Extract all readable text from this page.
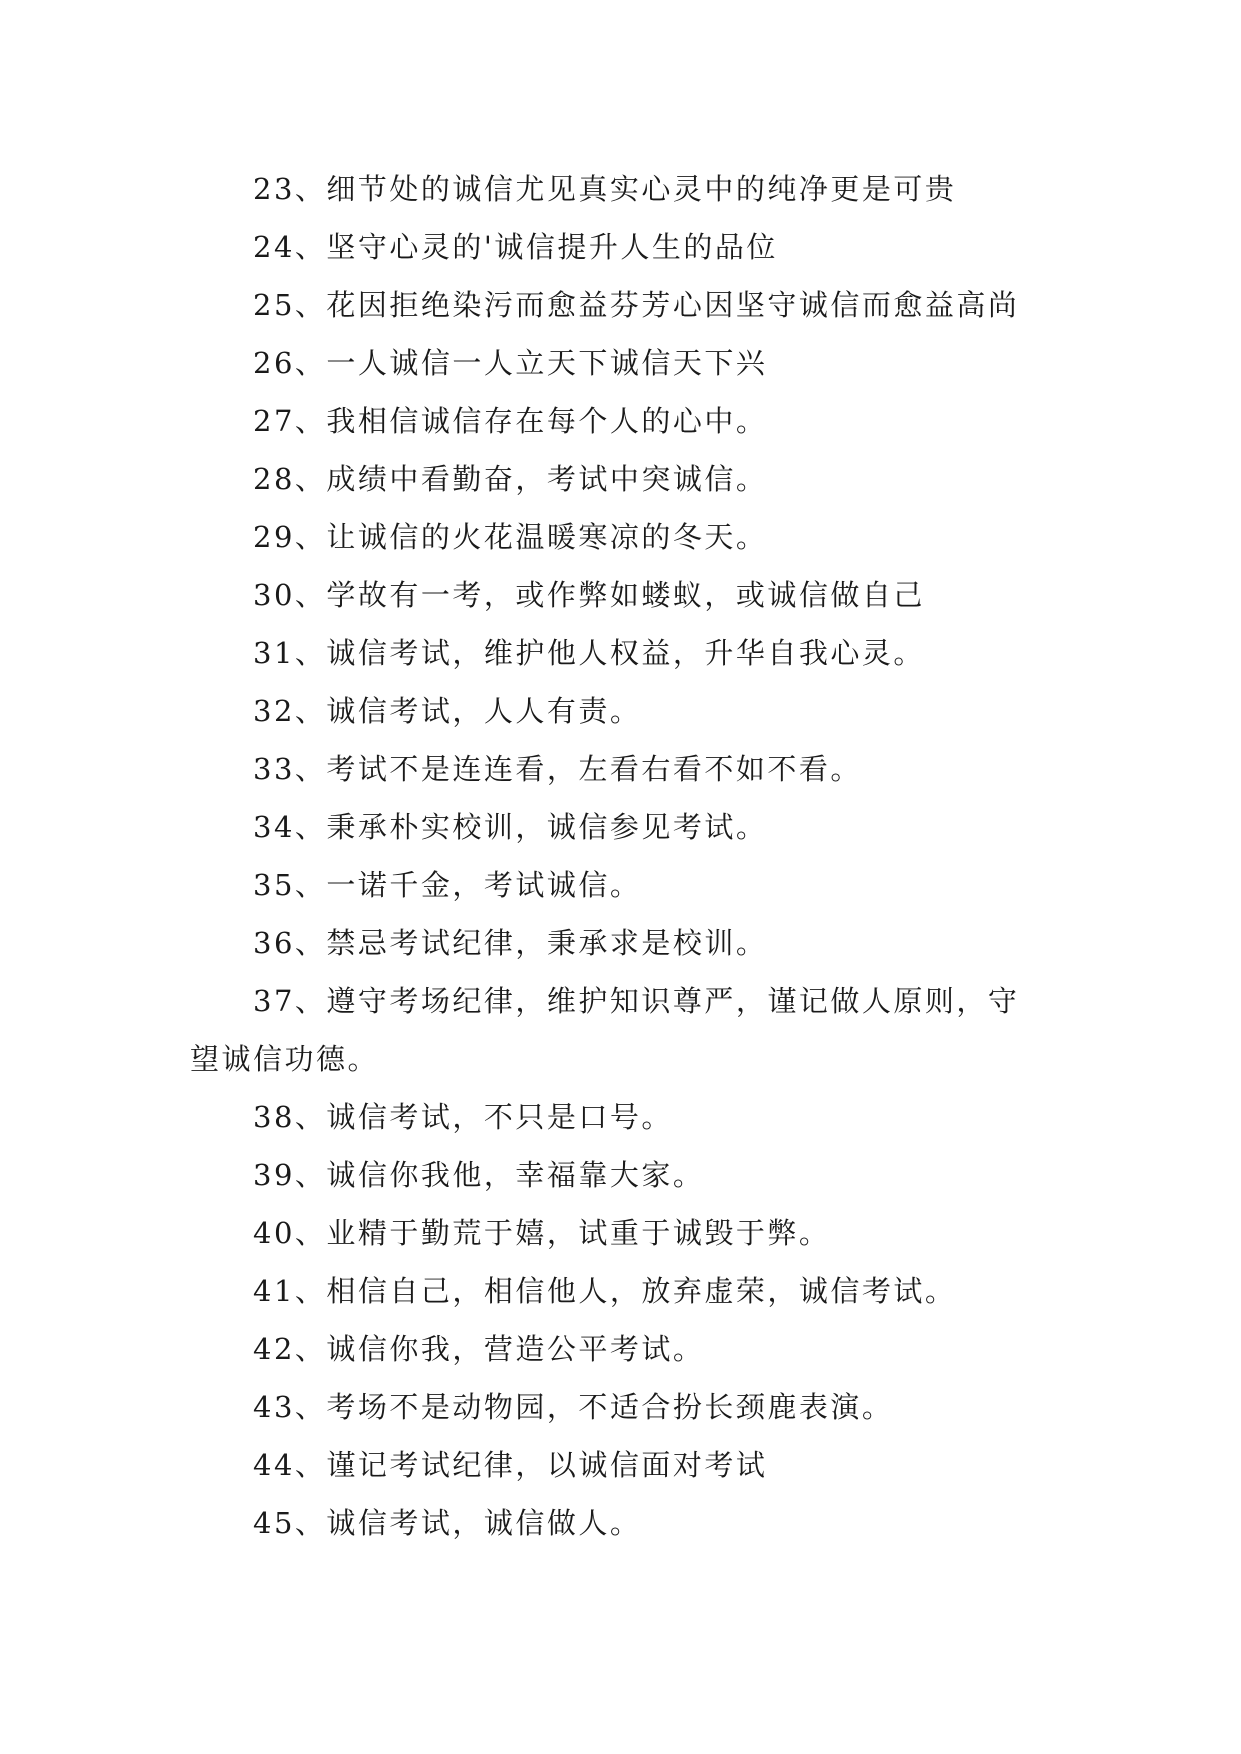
23、细节处的诚信尤见真实心灵中的纯净更是可贵
24、坚守心灵的'诚信提升人生的品位
25、花因拒绝染污而愈益芬芳心因坚守诚信而愈益高尚
26、一人诚信一人立天下诚信天下兴
27、我相信诚信存在每个人的心中。
28、成绩中看勤奋，考试中突诚信。
29、让诚信的火花温暖寒凉的冬天。
30、学故有一考，或作弊如蝼蚁，或诚信做自己
31、诚信考试，维护他人权益，升华自我心灵。
32、诚信考试，人人有责。
33、考试不是连连看，左看右看不如不看。
34、秉承朴实校训，诚信参见考试。
35、一诺千金，考试诚信。
36、禁忌考试纪律，秉承求是校训。
37、遵守考场纪律，维护知识尊严，谨记做人原则，守
望诚信功德。
38、诚信考试，不只是口号。
39、诚信你我他，幸福靠大家。
40、业精于勤荒于嬉，试重于诚毁于弊。
41、相信自己，相信他人，放弃虚荣，诚信考试。
42、诚信你我，营造公平考试。
43、考场不是动物园，不适合扮长颈鹿表演。
44、谨记考试纪律，以诚信面对考试
45、诚信考试，诚信做人。
